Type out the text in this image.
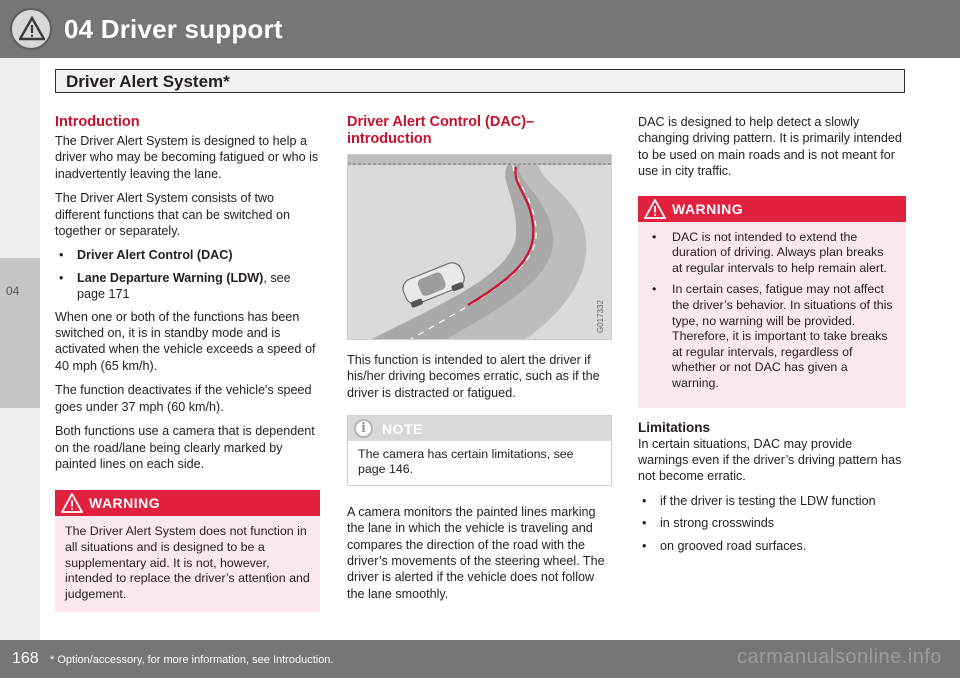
04 Driver support
Driver Alert System*
04
Introduction

The Driver Alert System is designed to help a driver who may be becoming fatigued or who is inadvertently leaving the lane.

The Driver Alert System consists of two different functions that can be switched on together or separately.

• Driver Alert Control (DAC)
• Lane Departure Warning (LDW), see page 171

When one or both of the functions has been switched on, it is in standby mode and is activated when the vehicle exceeds a speed of 40 mph (65 km/h).

The function deactivates if the vehicle's speed goes under 37 mph (60 km/h).

Both functions use a camera that is dependent on the road/lane being clearly marked by painted lines on each side.

WARNING
The Driver Alert System does not function in all situations and is designed to be a supplementary aid. It is not, however, intended to replace the driver’s attention and judgement.
Driver Alert Control (DAC)– introduction
G017332

This function is intended to alert the driver if his/her driving becomes erratic, such as if the driver is distracted or fatigued.

i	NOTE
The camera has certain limitations, see page 146.

A camera monitors the painted lines marking the lane in which the vehicle is traveling and compares the direction of the road with the driver’s movements of the steering wheel. The driver is alerted if the vehicle does not follow the lane smoothly.

DAC is designed to help detect a slowly changing driving pattern. It is primarily intended to be used on main roads and is not meant for use in city traffic.

WARNING
• DAC is not intended to extend the duration of driving. Always plan breaks at regular intervals to help remain alert.
• In certain cases, fatigue may not affect the driver’s behavior. In situations of this type, no warning will be provided. Therefore, it is important to take breaks at regular intervals, regardless of whether or not DAC has given a warning.
Limitations

In certain situations, DAC may provide warnings even if the driver’s driving pattern has not become erratic.

• if the driver is testing the LDW function
• in strong crosswinds
• on grooved road surfaces.
168 * Option/accessory, for more information, see Introduction.	carmanualsonline.info
